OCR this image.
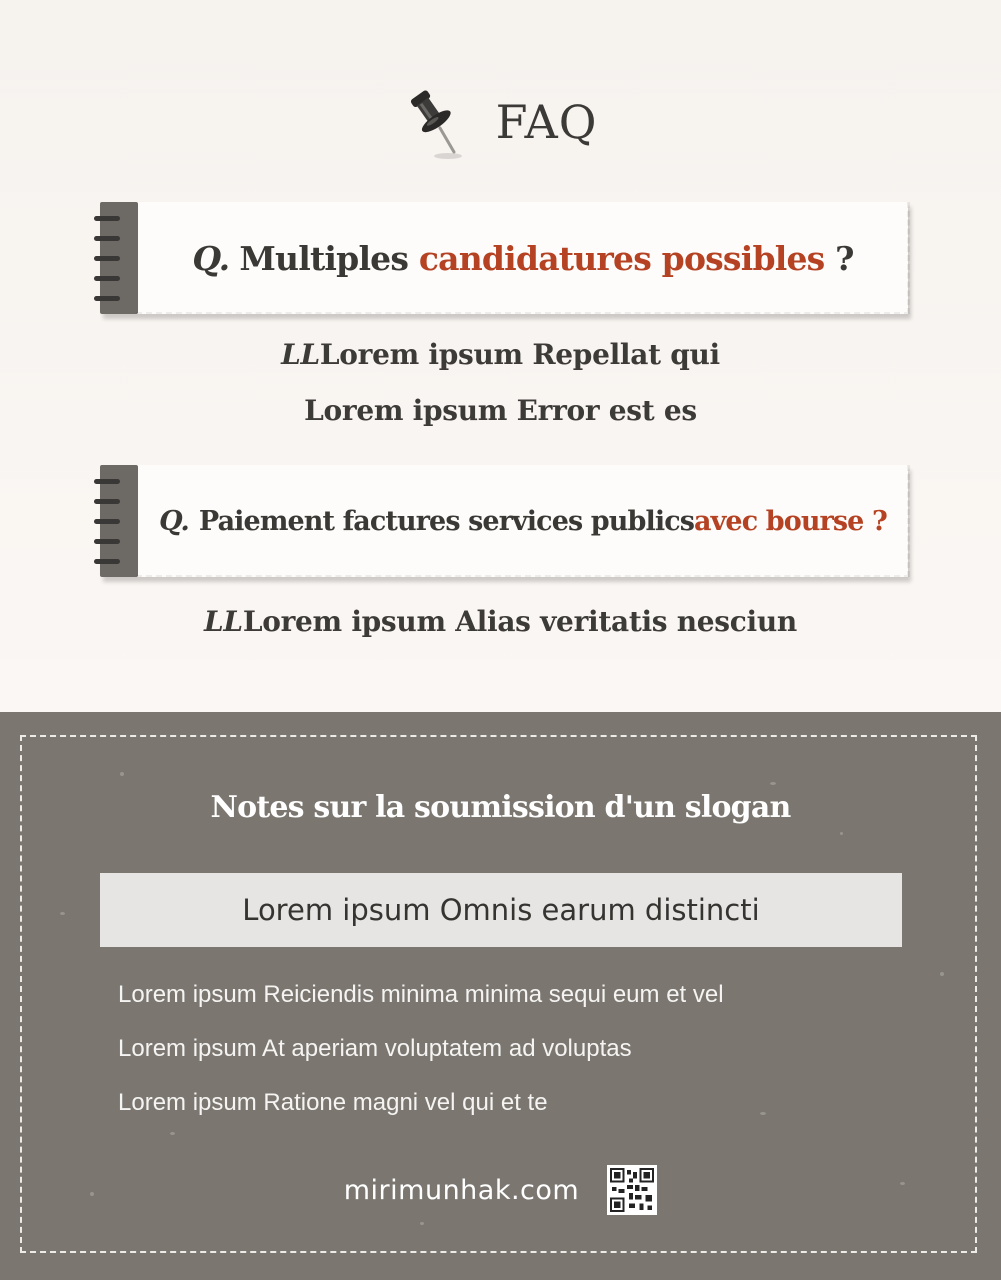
FAQ
Q. Multiples candidatures possibles ?
LLLorem ipsum Repellat qui
Lorem ipsum Error est es
Q. Paiement factures services publics avec bourse ?
LLLorem ipsum Alias veritatis nesciun
Notes sur la soumission d'un slogan
Lorem ipsum Omnis earum distincti
Lorem ipsum Reiciendis minima minima sequi eum et vel
Lorem ipsum At aperiam voluptatem ad voluptas
Lorem ipsum Ratione magni vel qui et te
mirimunhak.com
